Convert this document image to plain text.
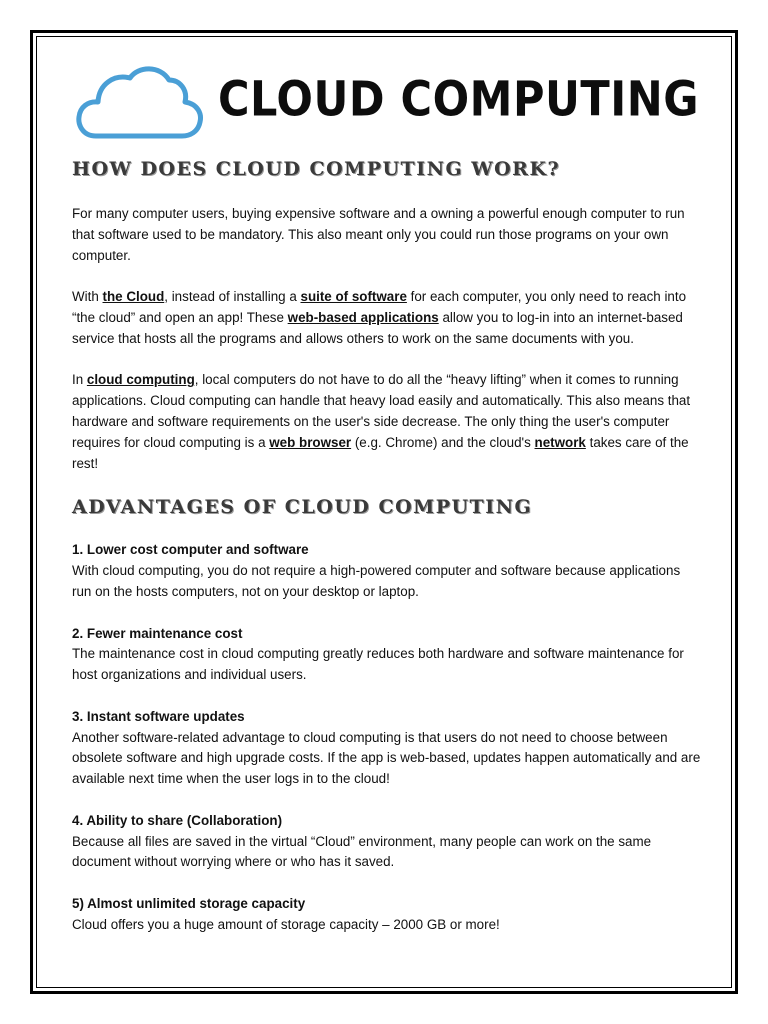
CLOUD COMPUTING
HOW DOES CLOUD COMPUTING WORK?

For many computer users, buying expensive software and a owning a powerful enough computer to run that software used to be mandatory. This also meant only you could run those programs on your own computer.

With the Cloud, instead of installing a suite of software for each computer, you only need to reach into “the cloud” and open an app! These web-based applications allow you to log-in into an internet-based service that hosts all the programs and allows others to work on the same documents with you.

In cloud computing, local computers do not have to do all the “heavy lifting” when it comes to running applications. Cloud computing can handle that heavy load easily and automatically. This also means that hardware and software requirements on the user's side decrease. The only thing the user's computer requires for cloud computing is a web browser (e.g. Chrome) and the cloud's network takes care of the rest!

ADVANTAGES OF CLOUD COMPUTING
1. Lower cost computer and software
With cloud computing, you do not require a high-powered computer and software because applications run on the hosts computers, not on your desktop or laptop.
2. Fewer maintenance cost
The maintenance cost in cloud computing greatly reduces both hardware and software maintenance for host organizations and individual users.
3. Instant software updates
Another software-related advantage to cloud computing is that users do not need to choose between obsolete software and high upgrade costs. If the app is web-based, updates happen automatically and are available next time when the user logs in to the cloud!
4. Ability to share (Collaboration)
Because all files are saved in the virtual “Cloud” environment, many people can work on the same document without worrying where or who has it saved.
5) Almost unlimited storage capacity
Cloud offers you a huge amount of storage capacity – 2000 GB or more!
